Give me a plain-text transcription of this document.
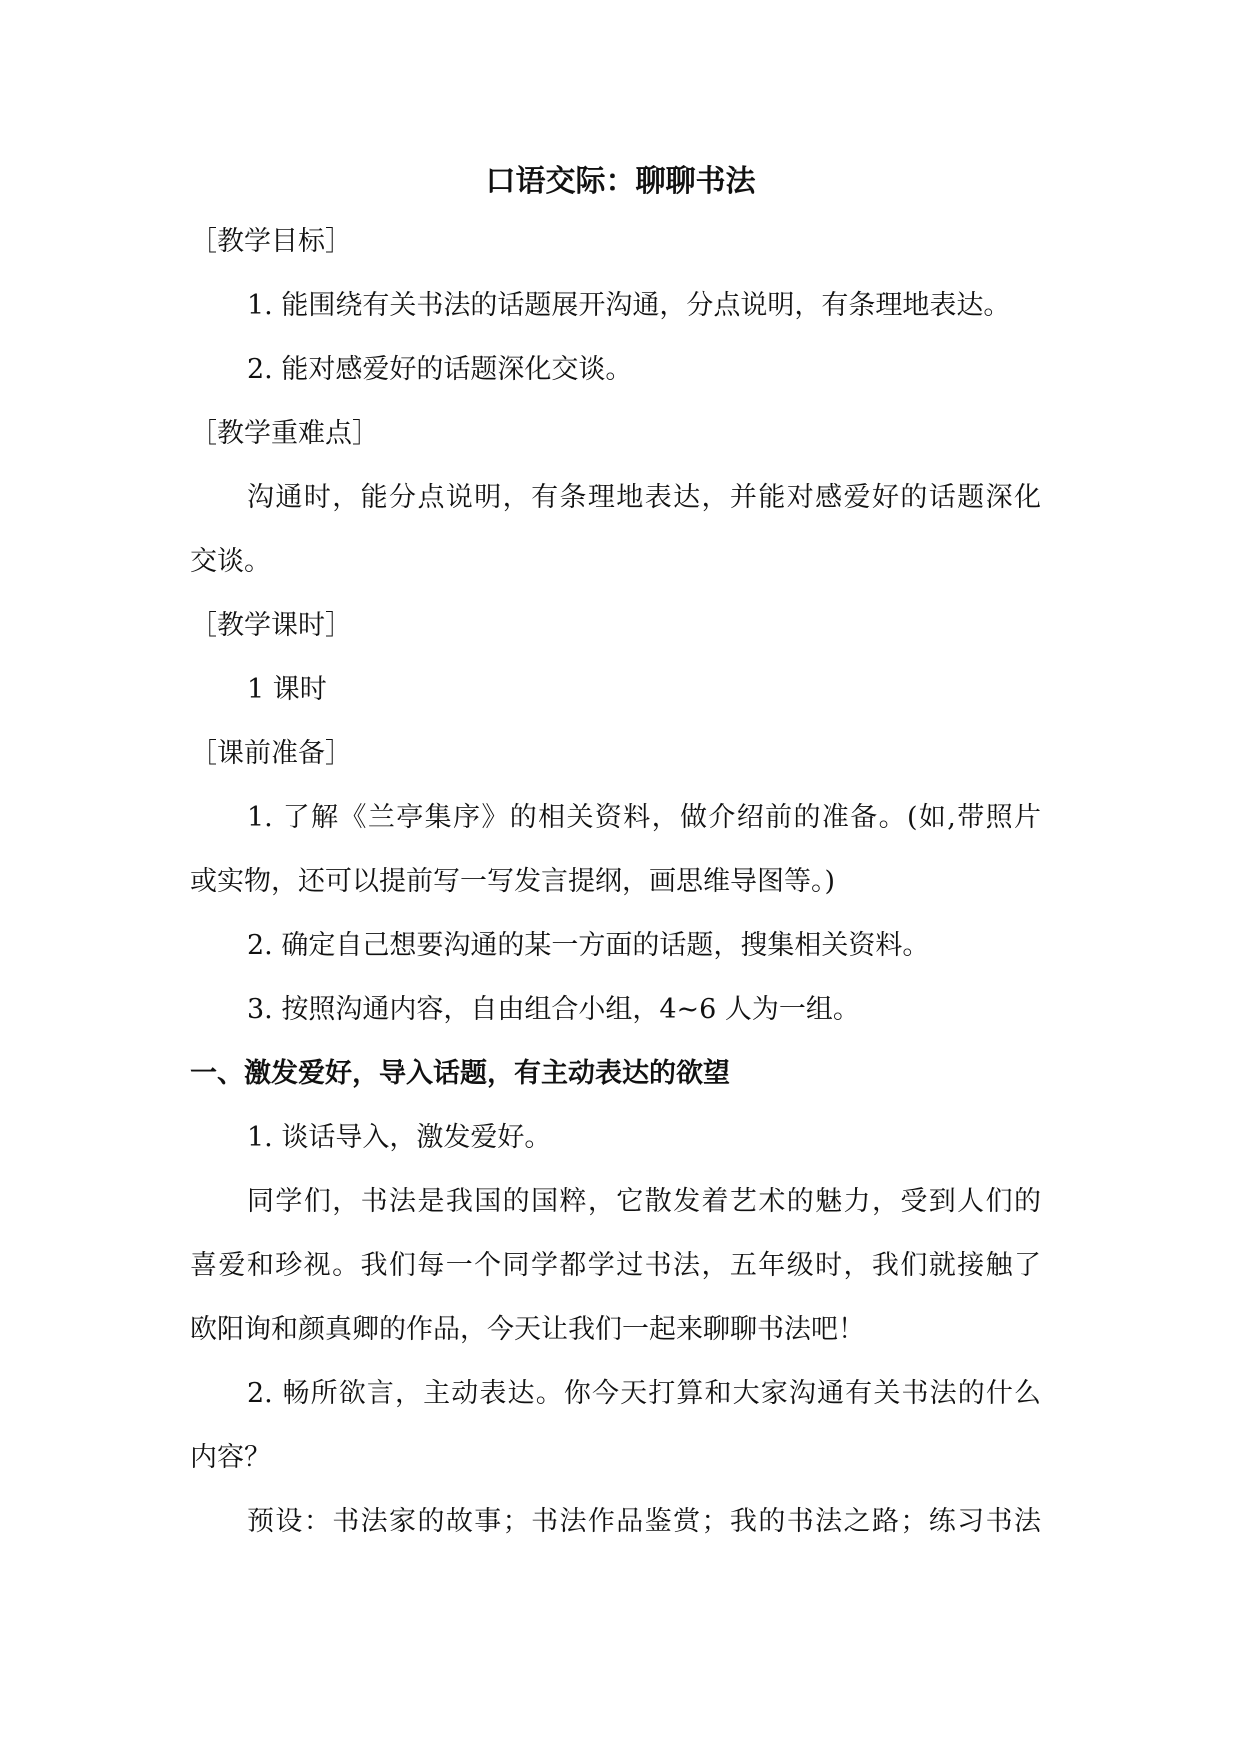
口语交际：聊聊书法

［教学目标］

1. 能围绕有关书法的话题展开沟通，分点说明，有条理地表达。

2. 能对感爱好的话题深化交谈。

［教学重难点］

沟通时，能分点说明，有条理地表达，并能对感爱好的话题深化

交谈。

［教学课时］

1 课时

［课前准备］

1. 了解《兰亭集序》的相关资料，做介绍前的准备。(如,带照片

或实物，还可以提前写一写发言提纲，画思维导图等。)

2. 确定自己想要沟通的某一方面的话题，搜集相关资料。

3. 按照沟通内容，自由组合小组，4~6 人为一组。

一、激发爱好，导入话题，有主动表达的欲望

1. 谈话导入，激发爱好。

同学们，书法是我国的国粹，它散发着艺术的魅力，受到人们的

喜爱和珍视。我们每一个同学都学过书法，五年级时，我们就接触了

欧阳询和颜真卿的作品，今天让我们一起来聊聊书法吧！

2. 畅所欲言，主动表达。你今天打算和大家沟通有关书法的什么

内容？

预设：书法家的故事；书法作品鉴赏；我的书法之路；练习书法
